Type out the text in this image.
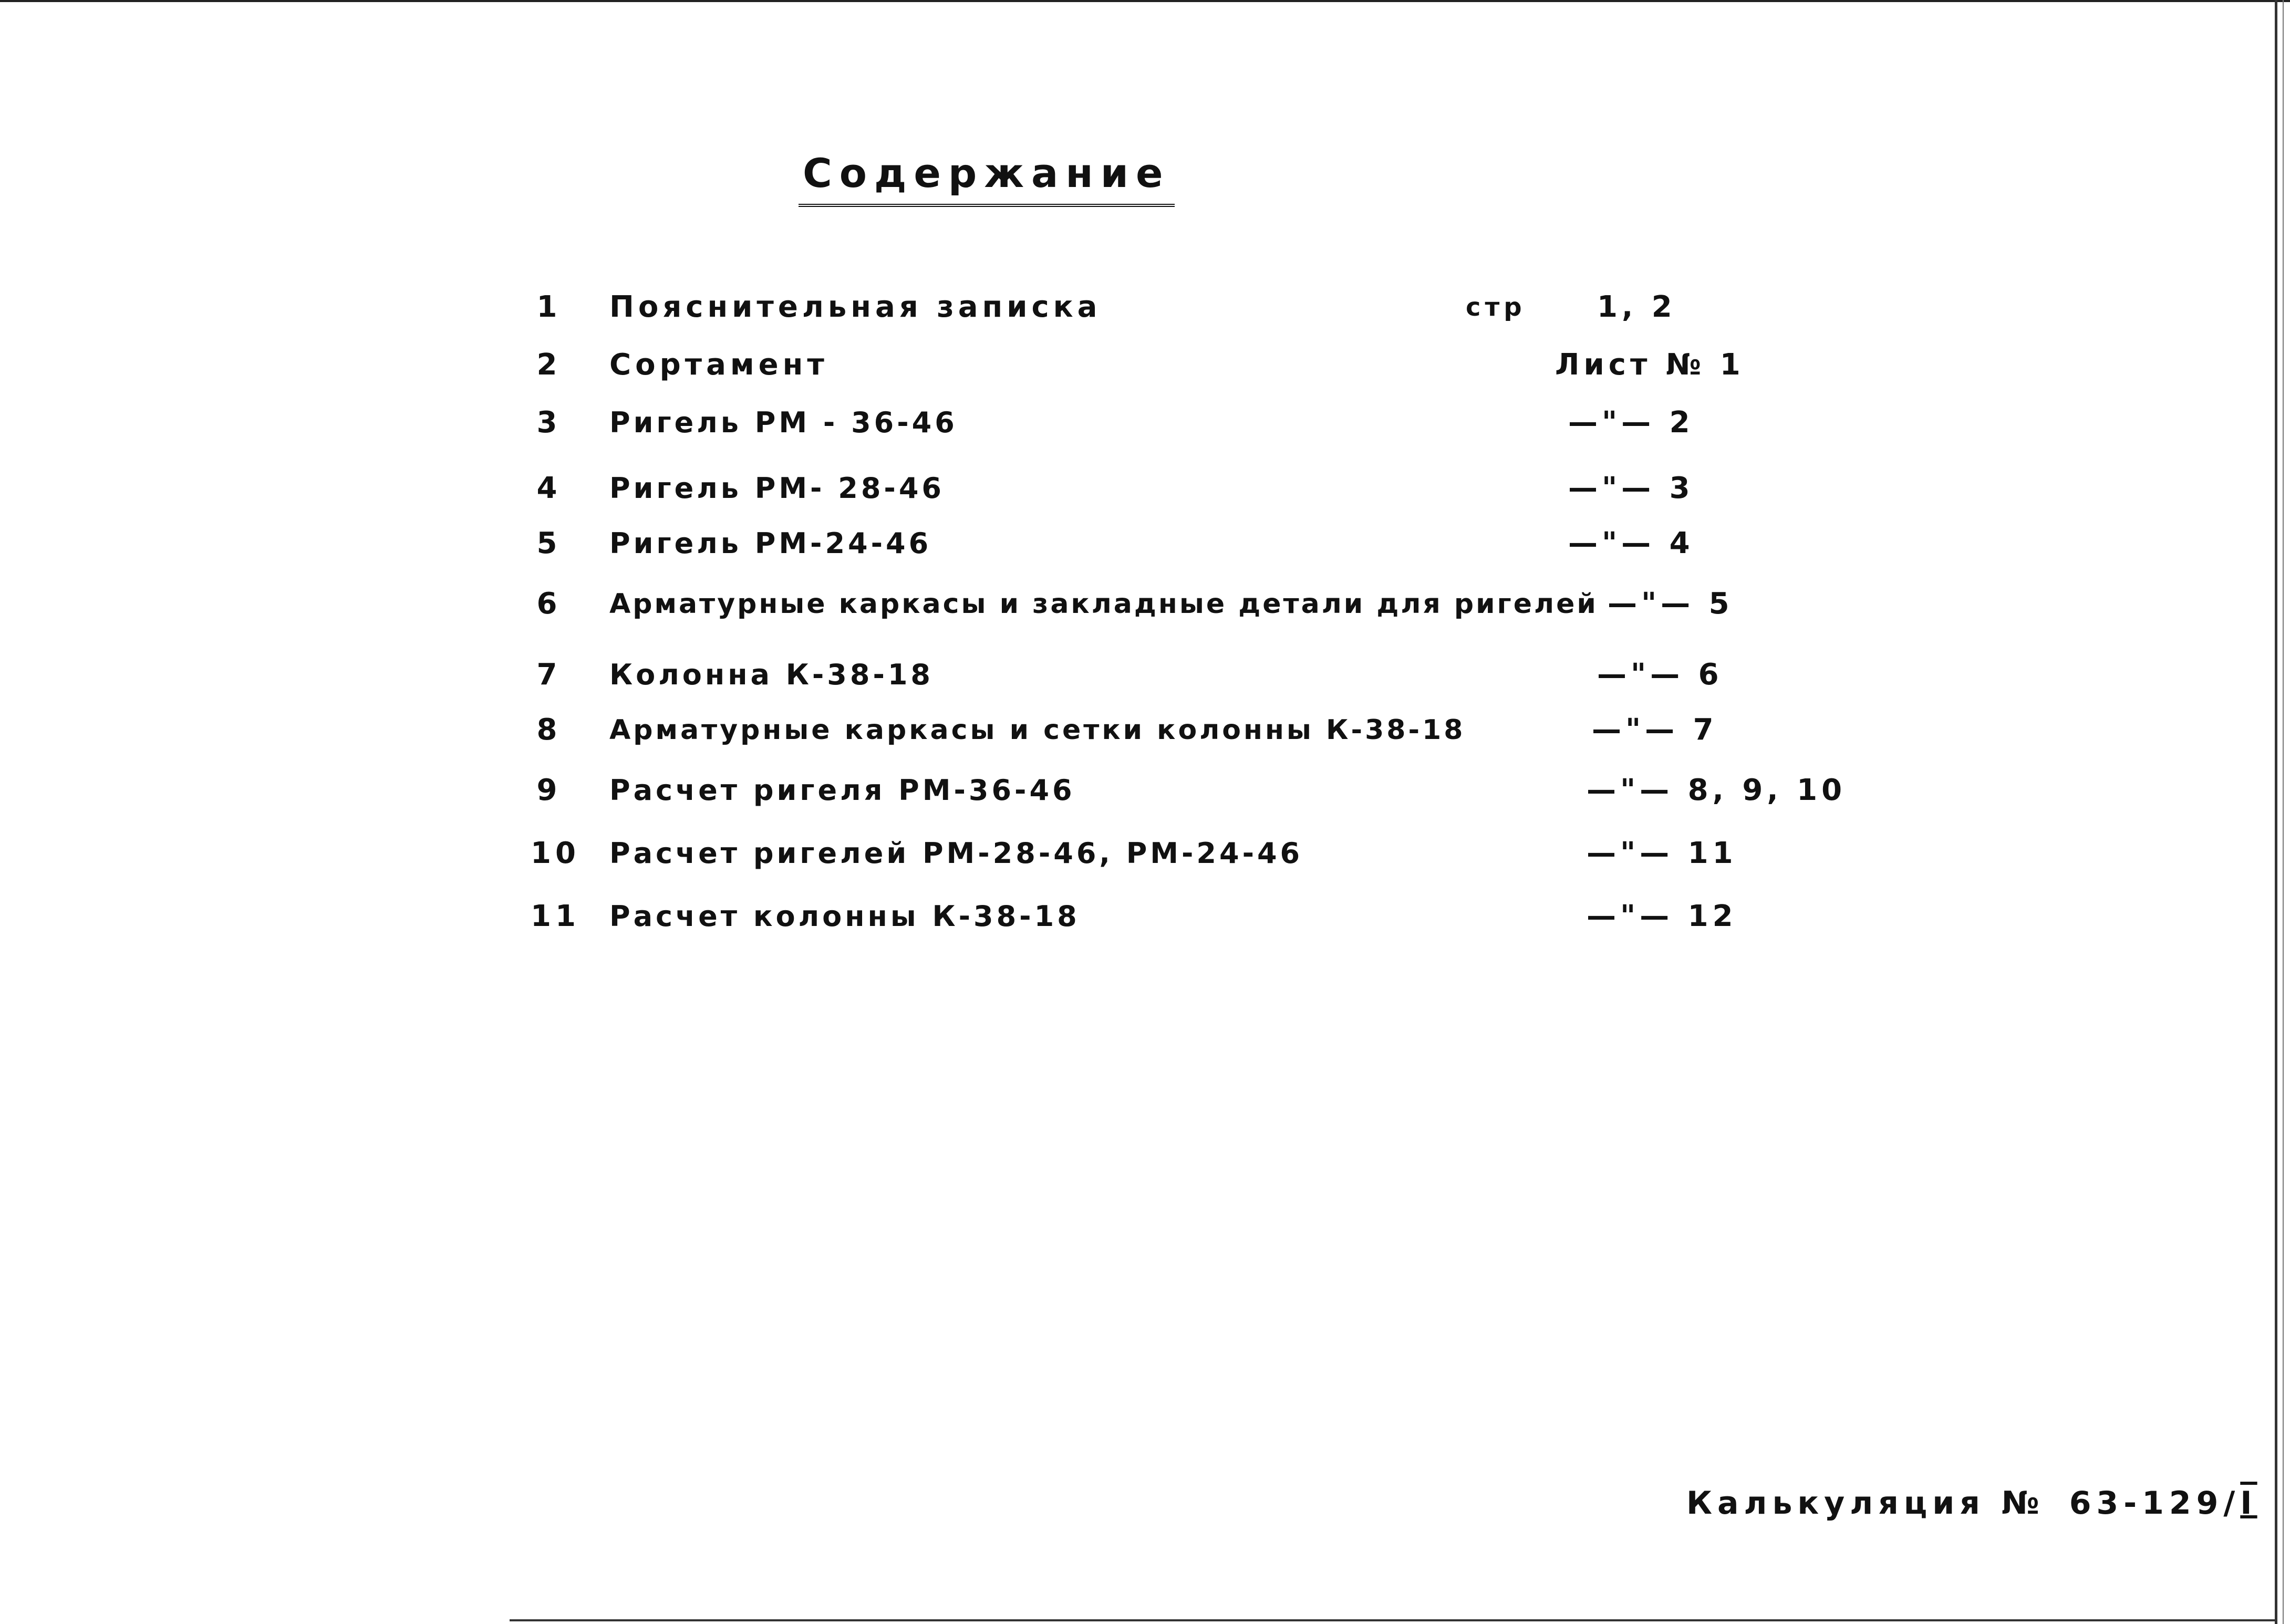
Содержание
1 Пояснительная записка	стр 1, 2
2 Сортамент	Лист № 1
3 Ригель РМ - 36-46	—"— 2
4 Ригель РМ- 28-46	—"— 3
5 Ригель РМ-24-46	—"— 4
6 Арматурные каркасы и закладные детали для ригелей —"— 5
7 Колонна К-38-18	—"— 6
8 Арматурные каркасы и сетки колонны К-38-18	—"— 7
9 Расчет ригеля РМ-36-46	—"— 8, 9, 10
10 Расчет ригелей РМ-28-46, РМ-24-46	—"— 11
11 Расчет колонны К-38-18	—"— 12
Калькуляция № 63-129/I
